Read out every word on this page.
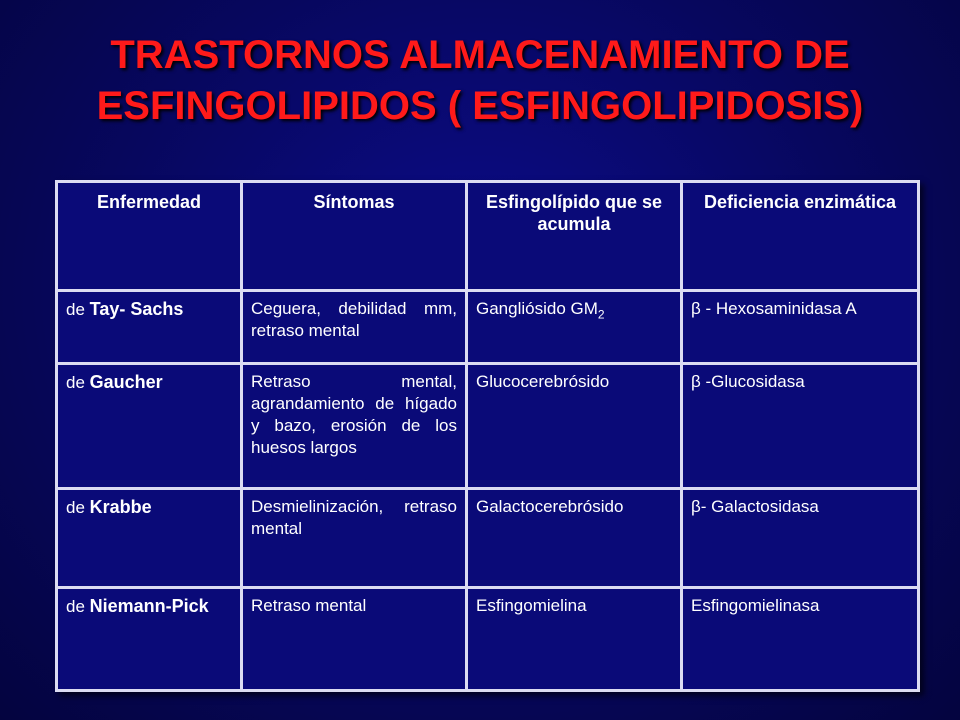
TRASTORNOS ALMACENAMIENTO DE
ESFINGOLIPIDOS ( ESFINGOLIPIDOSIS)
Enfermedad	Síntomas	Esfingolípido que se acumula	Deficiencia enzimática
de Tay- Sachs	Ceguera, debilidad mm, retraso mental	Gangliósido $GM_2$	β - Hexosaminidasa A
de Gaucher	Retraso mental, agrandamiento de hígado y bazo, erosión de los huesos largos	Glucocerebrósido	β -Glucosidasa
de Krabbe	Desmielinización, retraso mental	Galactocerebrósido	β- Galactosidasa
de Niemann-Pick	Retraso mental	Esfingomielina	Esfingomielinasa
